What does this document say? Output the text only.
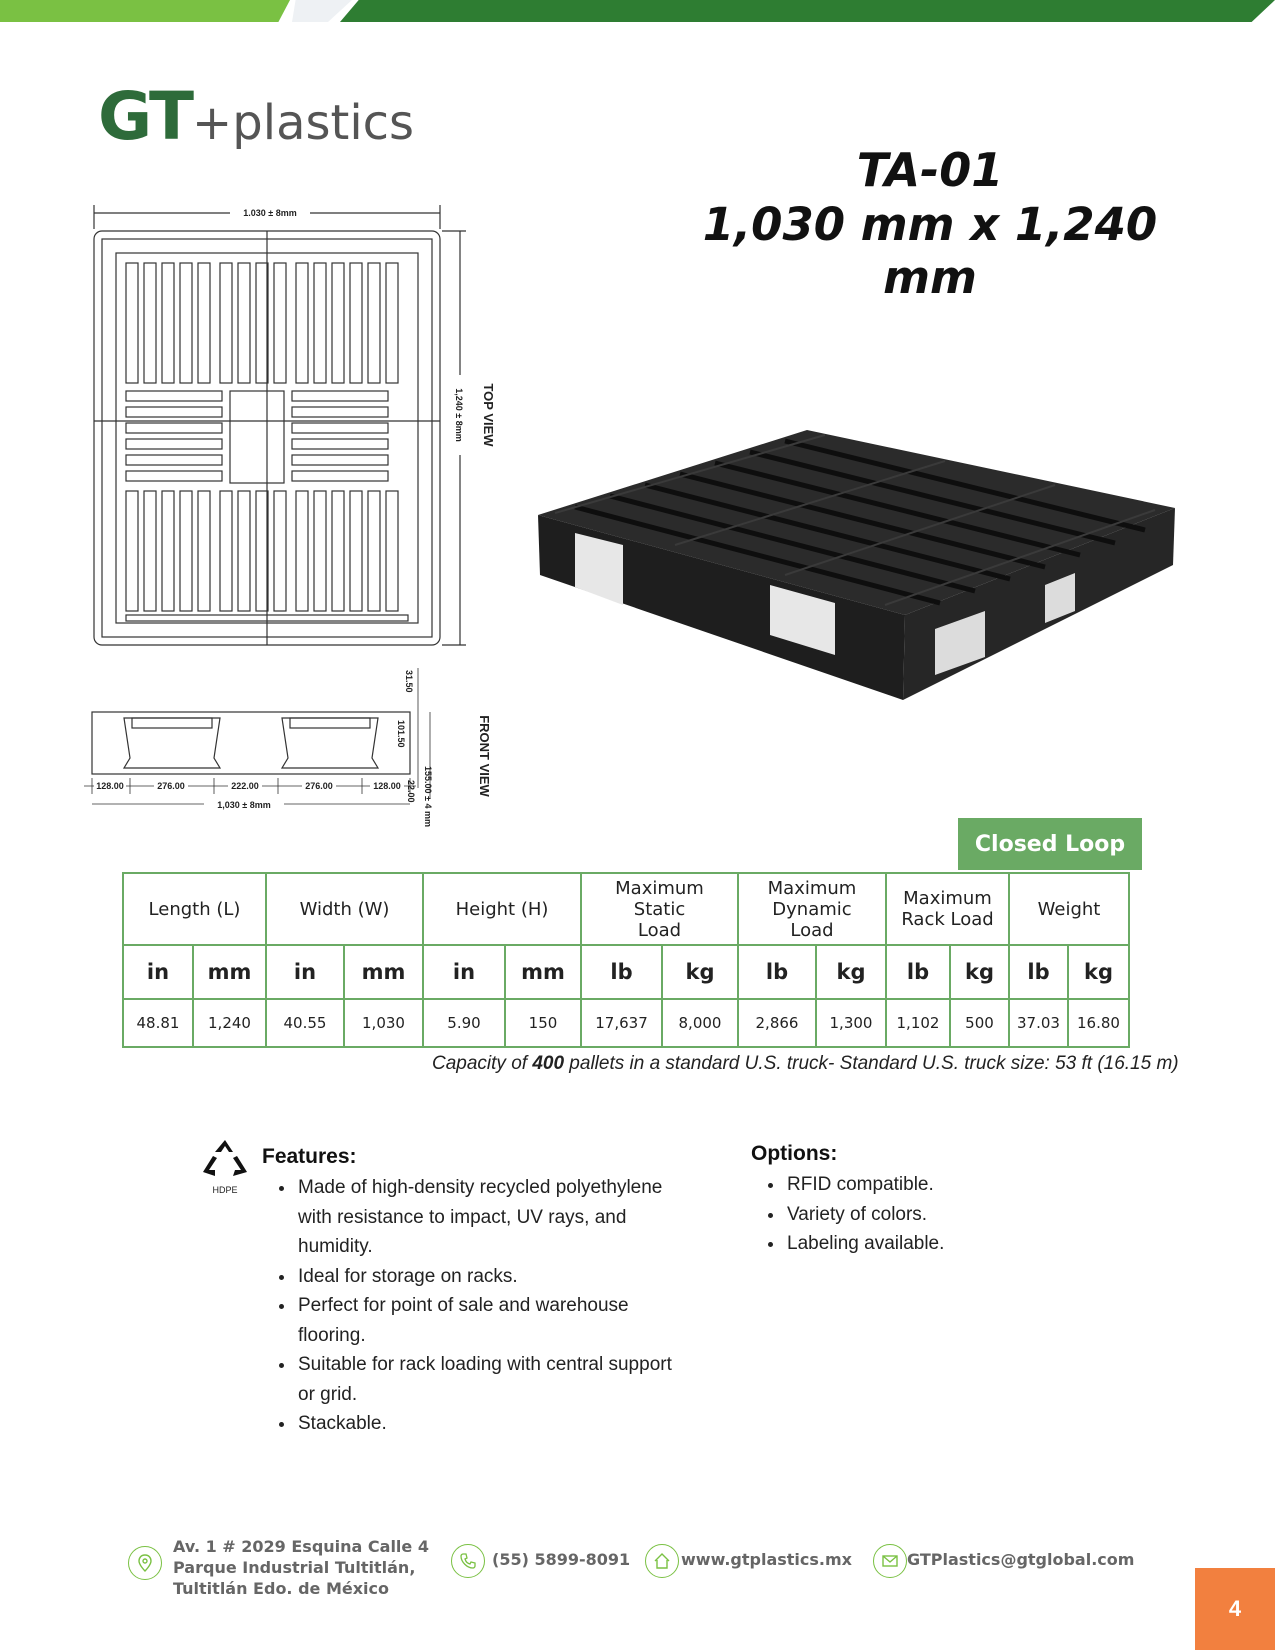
GT+plastics
TA-01
1,030 mm x 1,240 mm
1.030 ± 8mm
1,240 ± 8mm TOP VIEW
128.00	276.00	222.00	276.00	128.00
1,030 ± 8mm
31.50
101.50
155.00 ± 4 mm
22.00	FRONT VIEW
Closed Loop
Length (L)		Width (W)		Height (H)		Maximum Static Load		Maximum Dynamic Load		Maximum Rack Load		Weight	
in	mm	in	mm	in	mm	lb	kg	lb	kg	lb	kg	lb	kg
48.81	1,240	40.55	1,030	5.90	150	17,637	8,000	2,866	1,300	1,102	500	37.03	16.80
Capacity of 400 pallets in a standard U.S. truck- Standard U.S. truck size: 53 ft (16.15 m)
HDPE
Features:
• Made of high-density recycled polyethylene with resistance to impact, UV rays, and humidity.
• Ideal for storage on racks.
• Perfect for point of sale and warehouse flooring.
• Suitable for rack loading with central support or grid.
• Stackable.
Options:
• RFID compatible.
• Variety of colors.
• Labeling available.
Av. 1 # 2029 Esquina Calle 4
Parque Industrial Tultitlán,
Tultitlán Edo. de México
(55) 5899-8091	www.gtplastics.mx	GTPlastics@gtglobal.com
4
